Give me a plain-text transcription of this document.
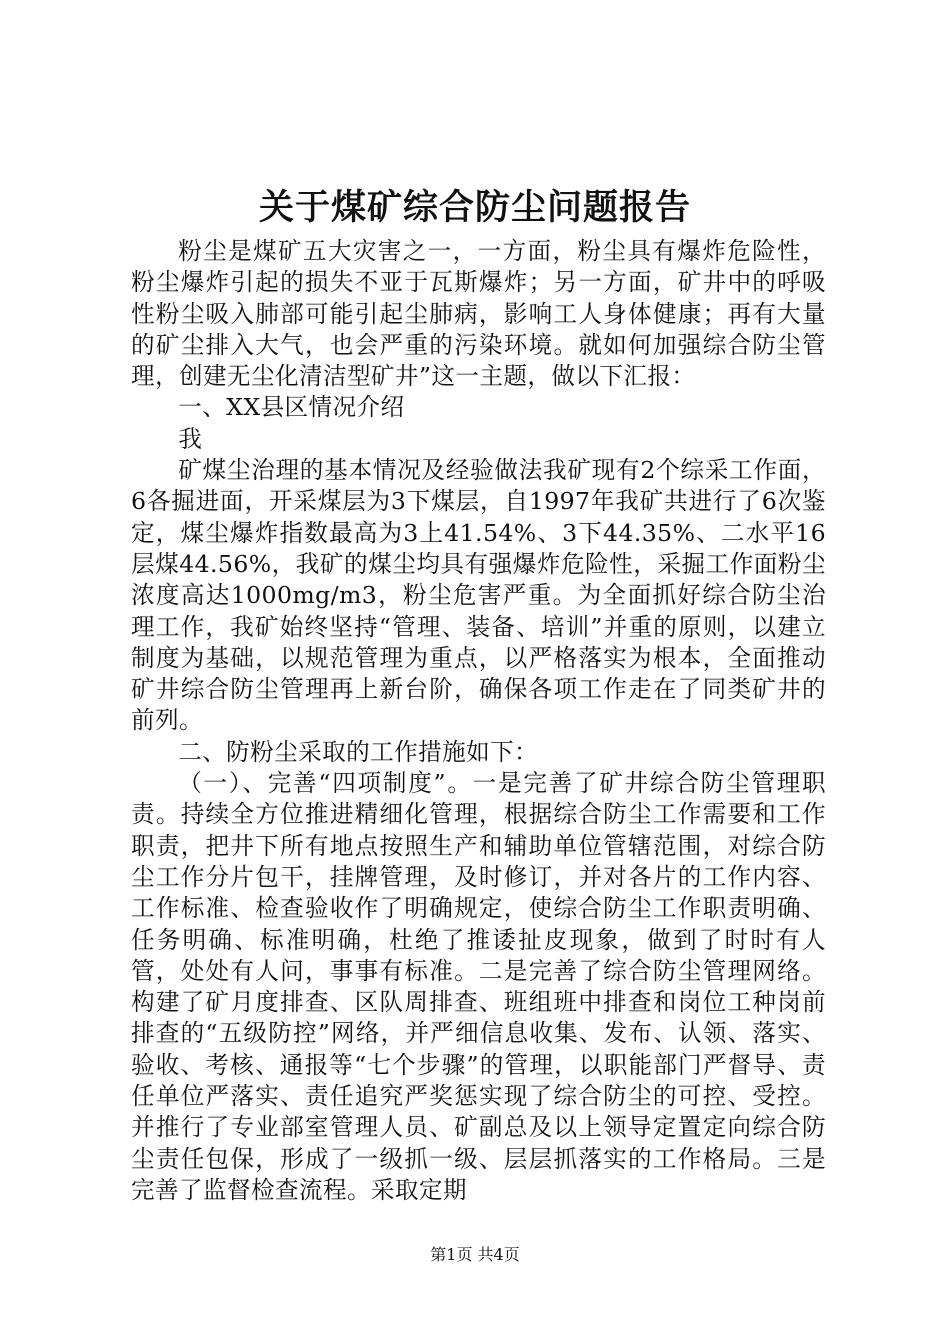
关于煤矿综合防尘问题报告

粉尘是煤矿五大灾害之一，一方面，粉尘具有爆炸危险性，粉尘爆炸引起的损失不亚于瓦斯爆炸；另一方面，矿井中的呼吸性粉尘吸入肺部可能引起尘肺病，影响工人身体健康；再有大量的矿尘排入大气，也会严重的污染环境。就如何加强综合防尘管理，创建无尘化清洁型矿井”这一主题，做以下汇报：

一、XX县区情况介绍

我

矿煤尘治理的基本情况及经验做法我矿现有2个综采工作面，6各掘进面，开采煤层为3下煤层，自1997年我矿共进行了6次鉴定，煤尘爆炸指数最高为3上41.54%、3下44.35%、二水平16层煤44.56%，我矿的煤尘均具有强爆炸危险性，采掘工作面粉尘浓度高达1000mg/m3，粉尘危害严重。为全面抓好综合防尘治理工作，我矿始终坚持“管理、装备、培训”并重的原则，以建立制度为基础，以规范管理为重点，以严格落实为根本，全面推动矿井综合防尘管理再上新台阶，确保各项工作走在了同类矿井的前列。

二、防粉尘采取的工作措施如下：

（一）、完善“四项制度”。一是完善了矿井综合防尘管理职责。持续全方位推进精细化管理，根据综合防尘工作需要和工作职责，把井下所有地点按照生产和辅助单位管辖范围，对综合防尘工作分片包干，挂牌管理，及时修订，并对各片的工作内容、工作标准、检查验收作了明确规定，使综合防尘工作职责明确、任务明确、标准明确，杜绝了推诿扯皮现象，做到了时时有人管，处处有人问，事事有标准。二是完善了综合防尘管理网络。构建了矿月度排查、区队周排查、班组班中排查和岗位工种岗前排查的“五级防控”网络，并严细信息收集、发布、认领、落实、验收、考核、通报等“七个步骤”的管理，以职能部门严督导、责任单位严落实、责任追究严奖惩实现了综合防尘的可控、受控。并推行了专业部室管理人员、矿副总及以上领导定置定向综合防尘责任包保，形成了一级抓一级、层层抓落实的工作格局。三是完善了监督检查流程。采取定期

第1页 共4页
